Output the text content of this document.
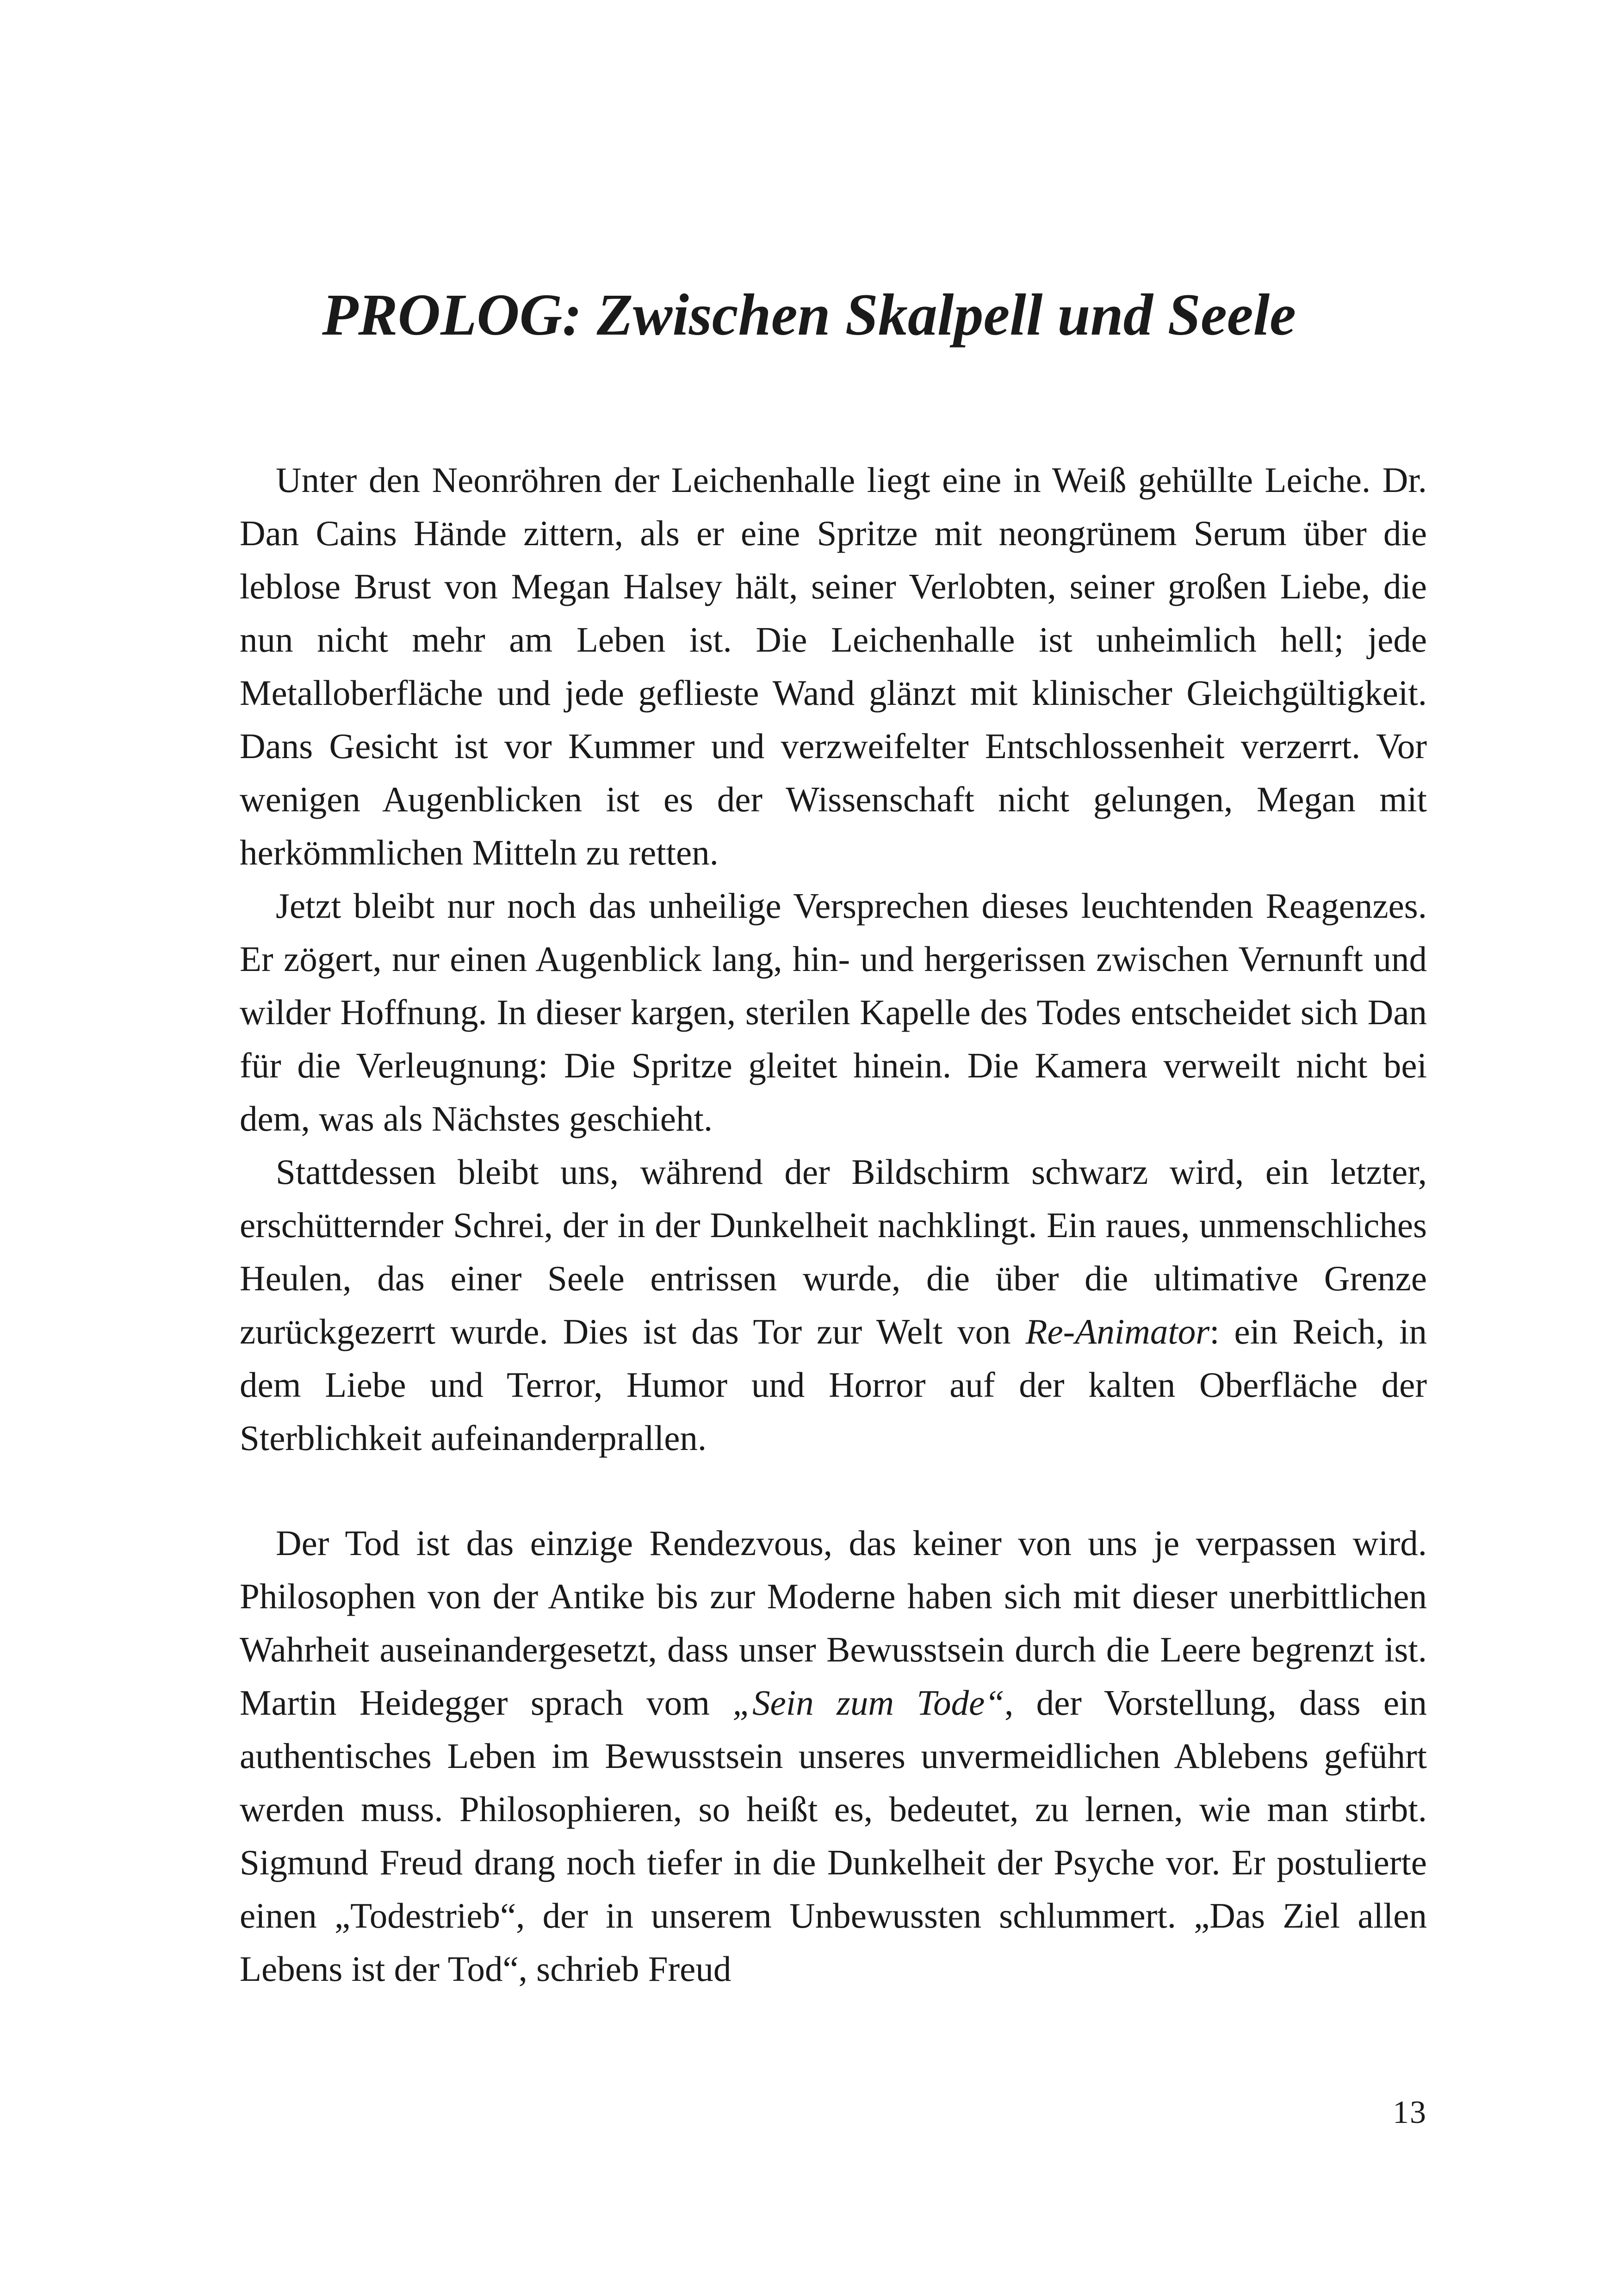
PROLOG: Zwischen Skalpell und Seele

Unter den Neonröhren der Leichenhalle liegt eine in Weiß gehüllte Leiche. Dr. Dan Cains Hände zittern, als er eine Spritze mit neongrünem Serum über die leblose Brust von Megan Halsey hält, seiner Verlobten, seiner großen Liebe, die nun nicht mehr am Leben ist. Die Leichenhalle ist unheimlich hell; jede Metalloberfläche und jede geflieste Wand glänzt mit klinischer Gleichgültigkeit. Dans Gesicht ist vor Kummer und verzweifelter Entschlossenheit verzerrt. Vor wenigen Augenblicken ist es der Wissenschaft nicht gelungen, Megan mit herkömmlichen Mitteln zu retten.

Jetzt bleibt nur noch das unheilige Versprechen dieses leuchtenden Reagenzes. Er zögert, nur einen Augenblick lang, hin- und hergerissen zwischen Vernunft und wilder Hoffnung. In dieser kargen, sterilen Kapelle des Todes entscheidet sich Dan für die Verleugnung: Die Spritze gleitet hinein. Die Kamera verweilt nicht bei dem, was als Nächstes geschieht.

Stattdessen bleibt uns, während der Bildschirm schwarz wird, ein letzter, erschütternder Schrei, der in der Dunkelheit nachklingt. Ein raues, unmenschliches Heulen, das einer Seele entrissen wurde, die über die ultimative Grenze zurückgezerrt wurde. Dies ist das Tor zur Welt von Re-Animator: ein Reich, in dem Liebe und Terror, Humor und Horror auf der kalten Oberfläche der Sterblichkeit aufeinanderprallen.

Der Tod ist das einzige Rendezvous, das keiner von uns je verpassen wird. Philosophen von der Antike bis zur Moderne haben sich mit dieser unerbittlichen Wahrheit auseinandergesetzt, dass unser Bewusstsein durch die Leere begrenzt ist. Martin Heidegger sprach vom „Sein zum Tode“, der Vorstellung, dass ein authentisches Leben im Bewusstsein unseres unvermeidlichen Ablebens geführt werden muss. Philosophieren, so heißt es, bedeutet, zu lernen, wie man stirbt. Sigmund Freud drang noch tiefer in die Dunkelheit der Psyche vor. Er postulierte einen „Todestrieb“, der in unserem Unbewussten schlummert. „Das Ziel allen Lebens ist der Tod“, schrieb Freud

13
